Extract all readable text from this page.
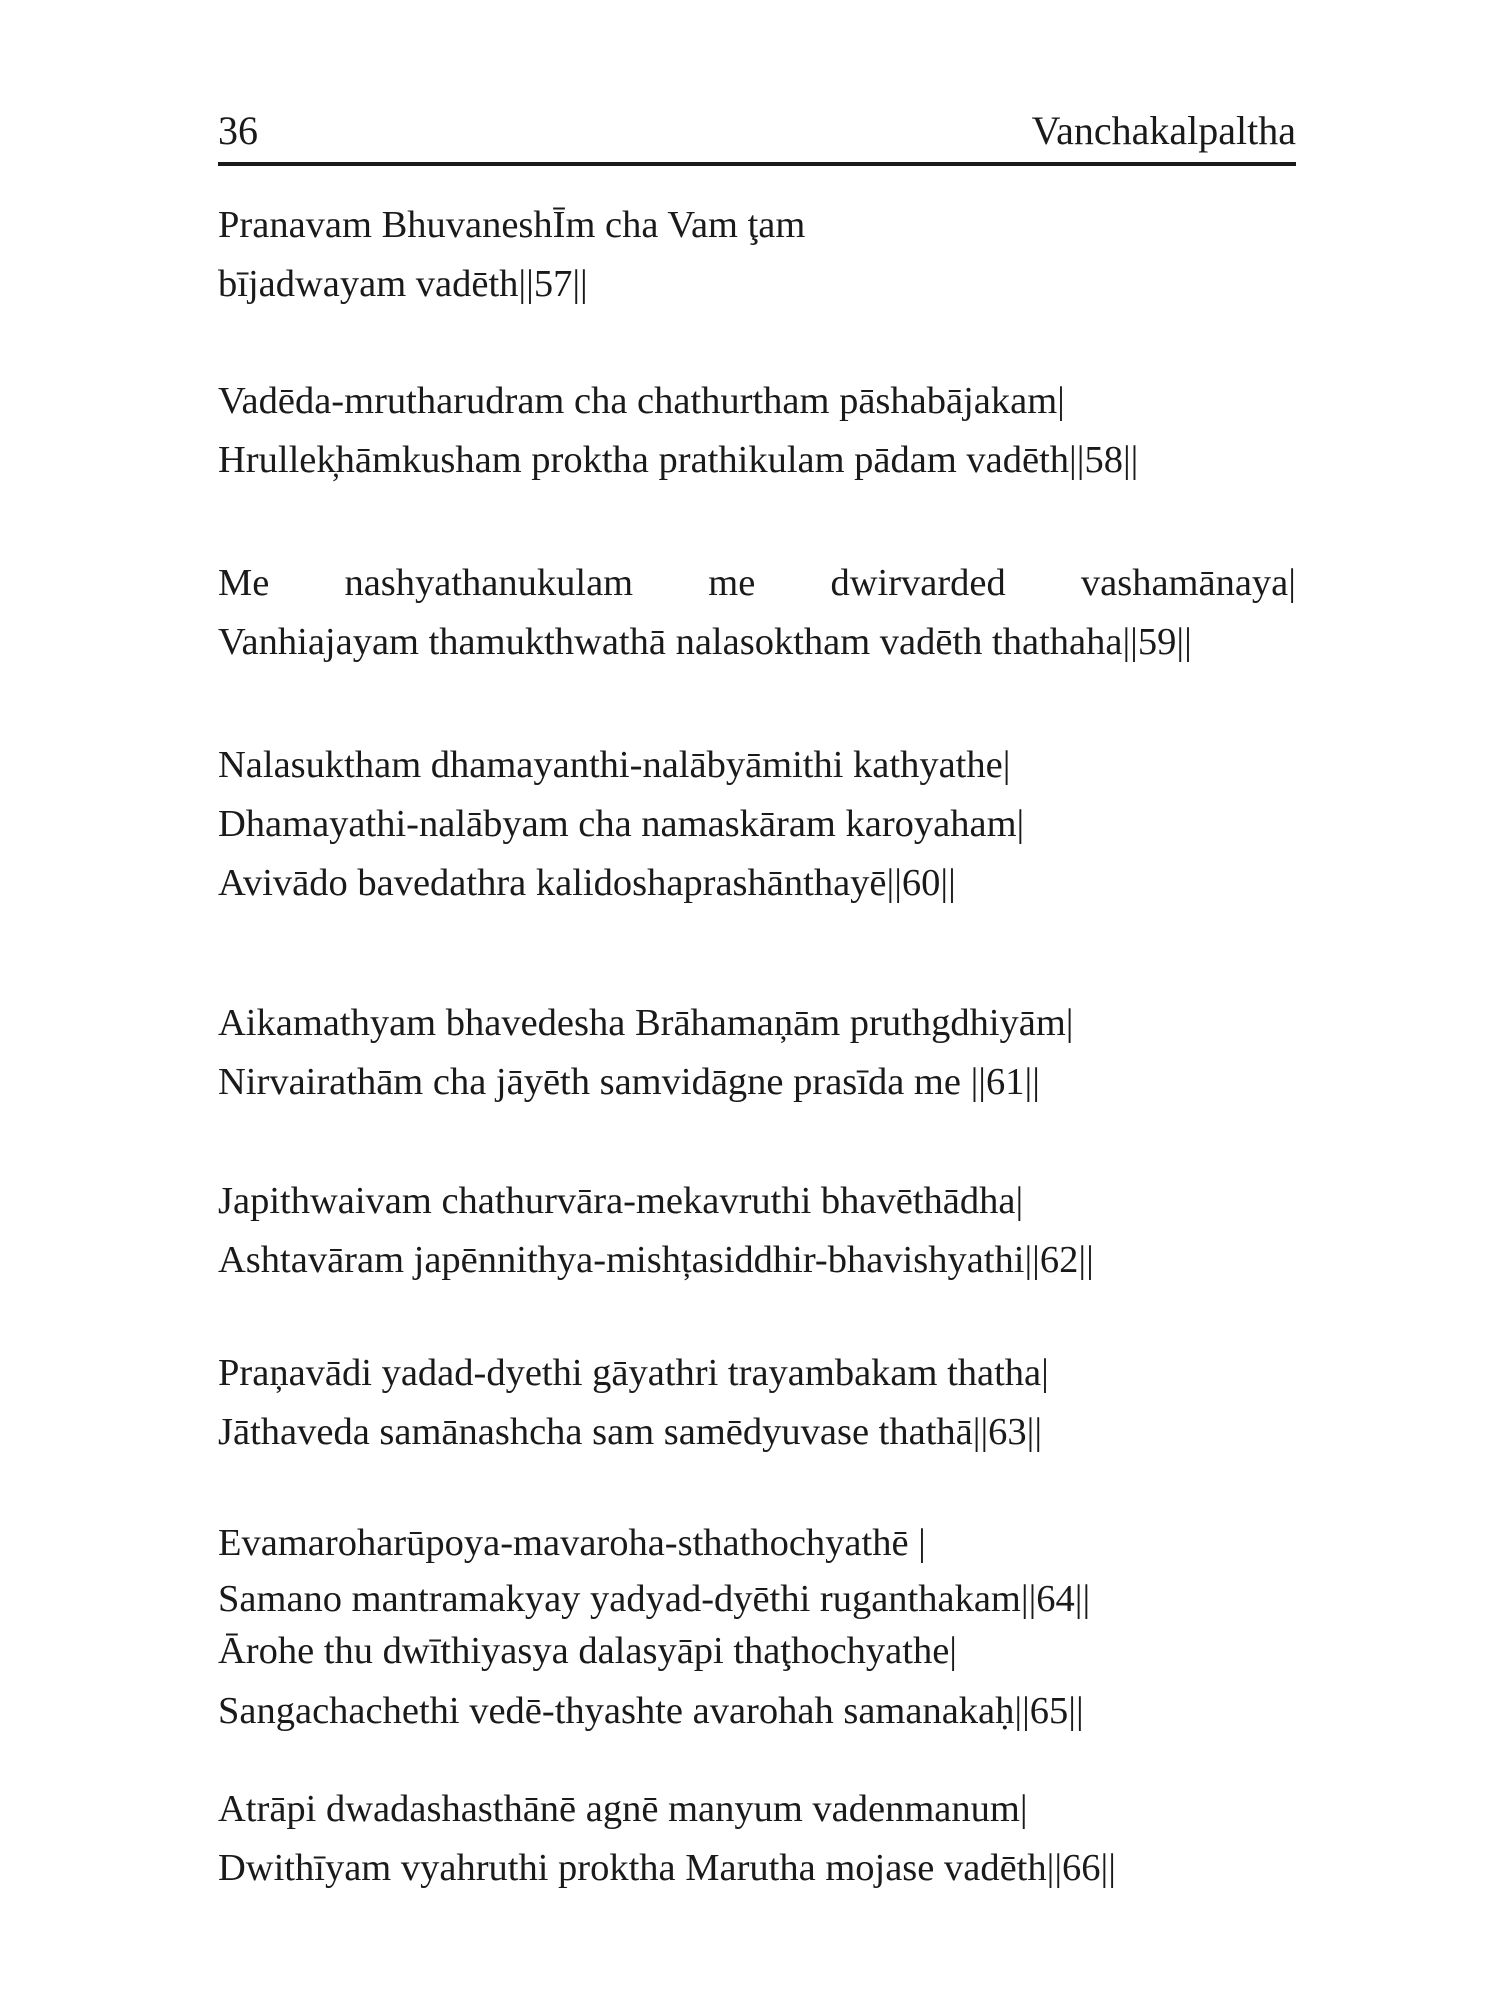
36	Vanchakalpaltha
Pranavam BhuvaneshĪm cha Vam ţam
bījadwayam vadēth||57||
Vadēda-mrutharudram cha chathurtham pāshabājakam|
Hrullek̦hāmkusham proktha prathikulam pādam vadēth||58||
Me nashyathanukulam me dwirvarded vashamānaya|
Vanhiajayam thamukthwathā nalasoktham vadēth thathaha||59||
Nalasuktham dhamayanthi-nalābyāmithi kathyathe|
Dhamayathi-nalābyam cha namaskāram karoyaham|
Avivādo bavedathra kalidoshaprashānthayē||60||
Aikamathyam bhavedesha Brāhamaņām pruthgdhiyām|
Nirvairathām cha jāyēth samvidāgne prasīda me ||61||
Japithwaivam chathurvāra-mekavruthi bhavēthādha|
Ashtavāram japēnnithya-mishțasiddhir-bhavishyathi||62||
Praņavādi yadad-dyethi gāyathri trayambakam thatha|
Jāthaveda samānashcha sam samēdyuvase thathā||63||
Evamaroharūpoya-mavaroha-sthathochyathē |
Samano mantramakyay yadyad-dyēthi ruganthakam||64||
Ārohe thu dwīthiyasya dalasyāpi thaţhochyathe|
Sangachachethi vedē-thyashte avarohah samanakaḥ||65||
Atrāpi dwadashasthānē agnē manyum vadenmanum|
Dwithīyam vyahruthi proktha Marutha mojase vadēth||66||
